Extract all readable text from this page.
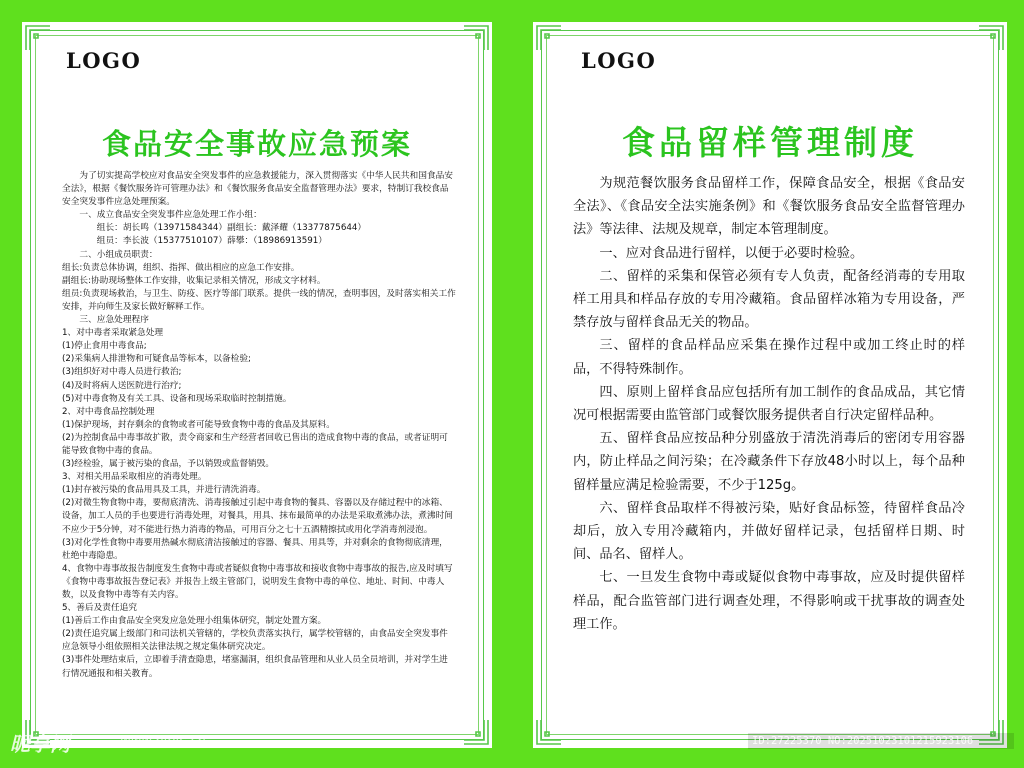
LOGO
食品安全事故应急预案

为了切实提高学校应对食品安全突发事件的应急救援能力，深入贯彻落实《中华人民共和国食品安全法》，根据《餐饮服务许可管理办法》和《餐饮服务食品安全监督管理办法》要求，特制订我校食品安全突发事件应急处理预案。

一、成立食品安全突发事件应急处理工作小组：

组长：胡长鸣（13971584344）副组长：戴泽耀（13377875644）

组员：李长波（15377510107）薛攀：（18986913591）

二、小组成员职责：

组长:负责总体协调，组织、指挥、做出相应的应急工作安排。

副组长:协助现场整体工作安排，收集记录相关情况，形成文字材料。

组员:负责现场救治，与卫生、防疫、医疗等部门联系。提供一线的情况，查明事因，及时落实相关工作安排，并向师生及家长做好解释工作。

三、应急处理程序

1、对中毒者采取紧急处理

(1)停止食用中毒食品;

(2)采集病人排泄物和可疑食品等标本，以备检验;

(3)组织好对中毒人员进行救治;

(4)及时将病人送医院进行治疗;

(5)对中毒食物及有关工具、设备和现场采取临时控制措施。

2、对中毒食品控制处理

(1)保护现场，封存剩余的食物或者可能导致食物中毒的食品及其原料。

(2)为控制食品中毒事故扩散，责令商家和生产经营者回收已售出的造成食物中毒的食品，或者证明可能导致食物中毒的食品。

(3)经检验，属于被污染的食品，予以销毁或监督销毁。

3、对相关用品采取相应的消毒处理。

(1)封存被污染的食品用具及工具，并进行清洗消毒。

(2)对微生物食物中毒，要彻底清洗、消毒接触过引起中毒食物的餐具、容器以及存储过程中的冰箱、设备，加工人员的手也要进行消毒处理，对餐具，用具、抹布最简单的办法是采取煮沸办法，煮沸时间不应少于5分钟，对不能进行热力消毒的物品，可用百分之七十五酒精擦拭或用化学消毒剂浸泡。

(3)对化学性食物中毒要用热碱水彻底清洁接触过的容器、餐具、用具等，并对剩余的食物彻底清理，杜绝中毒隐患。

4、食物中毒事故报告制度发生食物中毒或者疑似食物中毒事故和接收食物中毒事故的报告,应及时填写《食物中毒事故报告登记表》并报告上级主管部门，说明发生食物中毒的单位、地址、时间、中毒人数，以及食物中毒等有关内容。

5、善后及责任追究

(1)善后工作由食品安全突发应急处理小组集体研究，制定处置方案。

(2)责任追究属上级部门和司法机关管辖的，学校负责落实执行，属学校管辖的，由食品安全突发事件应急领导小组依照相关法律法规之规定集体研究决定。

(3)事件处理结束后，立即着手清查隐患，堵塞漏洞，组织食品管理和从业人员全员培训，并对学生进行情况通报和相关教育。

LOGO
食品留样管理制度

为规范餐饮服务食品留样工作，保障食品安全，根据《食品安全法》、《食品安全法实施条例》和《餐饮服务食品安全监督管理办法》等法律、法规及规章，制定本管理制度。

一、应对食品进行留样，以便于必要时检验。

二、留样的采集和保管必须有专人负责，配备经消毒的专用取样工用具和样品存放的专用冷藏箱。食品留样冰箱为专用设备，严禁存放与留样食品无关的物品。

三、留样的食品样品应采集在操作过程中或加工终止时的样品，不得特殊制作。

四、原则上留样食品应包括所有加工制作的食品成品，其它情况可根据需要由监管部门或餐饮服务提供者自行决定留样品种。

五、留样食品应按品种分别盛放于清洗消毒后的密闭专用容器内，防止样品之间污染；在冷藏条件下存放48小时以上，每个品种留样量应满足检验需要，不少于125g。

六、留样食品取样不得被污染，贴好食品标签，待留样食品冷却后，放入专用冷藏箱内，并做好留样记录，包括留样日期、时间、品名、留样人。

七、一旦发生食物中毒或疑似食物中毒事故，应及时提供留样样品，配合监管部门进行调查处理，不得影响或干扰事故的调查处理工作。

昵享网	www.nipic.cn	ID:27225370 NO:20251023101215923106
